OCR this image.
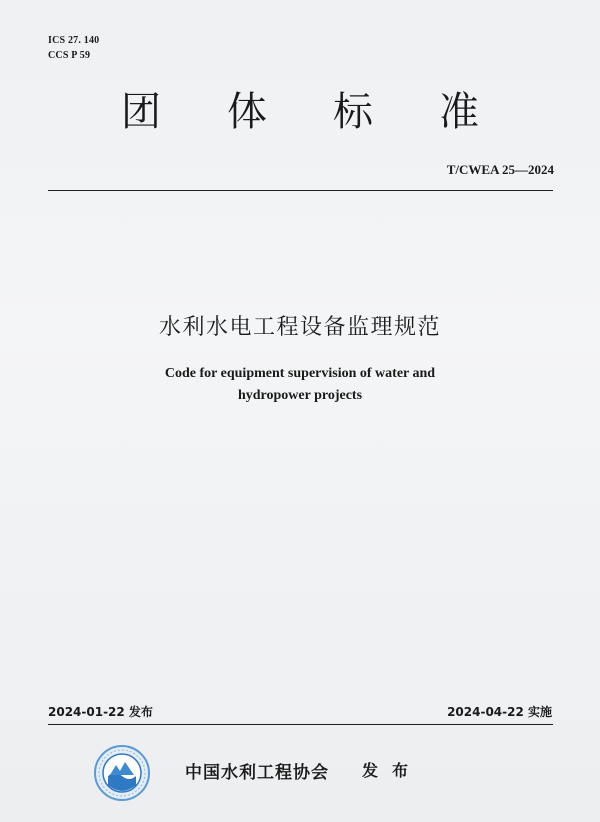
ICS 27. 140
CCS P 59
团体标准
T/CWEA 25—2024
水利水电工程设备监理规范
Code for equipment supervision of water and
hydropower projects
2024-01-22 发布	2024-04-22 实施
中国水利工程协会 发布
